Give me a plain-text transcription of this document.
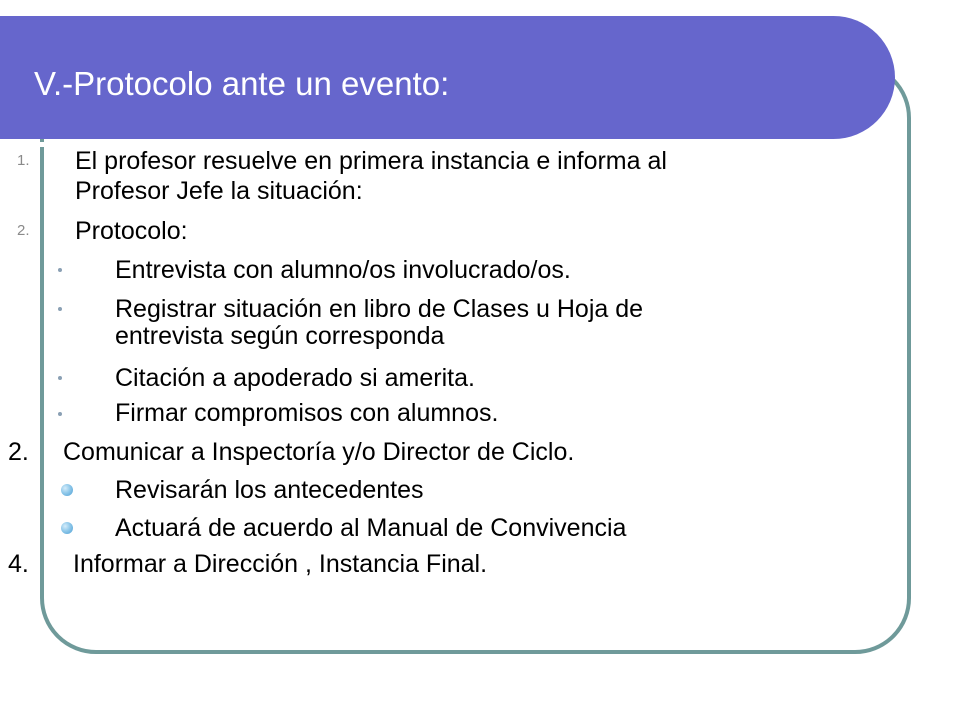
V.-Protocolo ante un evento:
1. El profesor resuelve en primera instancia e informa al
Profesor Jefe la situación:
2. Protocolo:
Entrevista con alumno/os involucrado/os.
Registrar situación en libro de Clases u Hoja de
entrevista según corresponda
Citación a apoderado si amerita.
Firmar compromisos con alumnos.
2. Comunicar a Inspectoría y/o Director de Ciclo.
Revisarán los antecedentes
Actuará de acuerdo al Manual de Convivencia
4. Informar a Dirección , Instancia Final.
